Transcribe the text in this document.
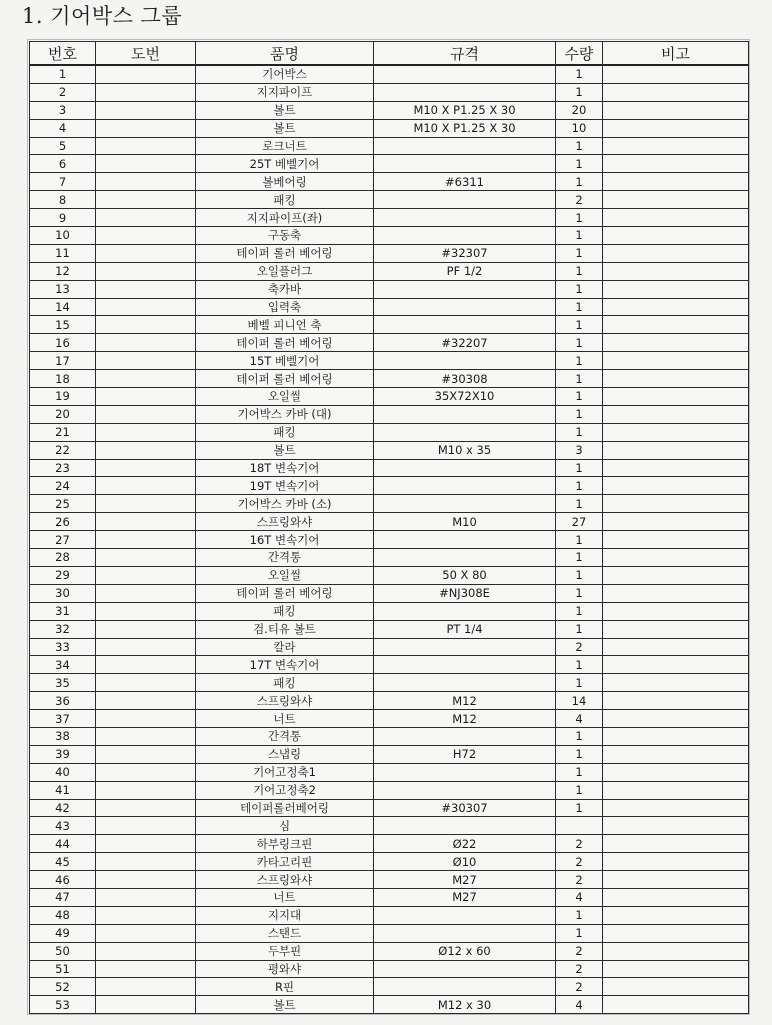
1. 기어박스 그룹
번호	도번	품명	규격	수량	비고
1		기어박스		1	
2		지지파이프		1	
3		볼트	M10 X P1.25 X 30	20	
4		볼트	M10 X P1.25 X 30	10	
5		로크너트		1	
6		25T 베벨기어		1	
7		볼베어링	#6311	1	
8		패킹		2	
9		지지파이프(좌)		1	
10		구동축		1	
11		테이퍼 롤러 베어링	#32307	1	
12		오일플러그	PF 1/2	1	
13		축카바		1	
14		입력축		1	
15		베벨 피니언 축		1	
16		테이퍼 롤러 베어링	#32207	1	
17		15T 베벨기어		1	
18		테이퍼 롤러 베어링	#30308	1	
19		오일씰	35X72X10	1	
20		기어박스 카바 (대)		1	
21		패킹		1	
22		볼트	M10 x 35	3	
23		18T 변속기어		1	
24		19T 변속기어		1	
25		기어박스 카바 (소)		1	
26		스프링와샤	M10	27	
27		16T 변속기어		1	
28		간격통		1	
29		오일씰	50 X 80	1	
30		테이퍼 롤러 베어링	#NJ308E	1	
31		패킹		1	
32		검.티유 볼트	PT 1/4	1	
33		칼라		2	
34		17T 변속기어		1	
35		패킹		1	
36		스프링와샤	M12	14	
37		너트	M12	4	
38		간격통		1	
39		스냅링	H72	1	
40		기어고정축1		1	
41		기어고정축2		1	
42		테이퍼롤러베어링	#30307	1	
43		심			
44		하부링크핀	Ø22	2	
45		카타고리핀	Ø10	2	
46		스프링와샤	M27	2	
47		너트	M27	4	
48		지지대		1	
49		스탠드		1	
50		두부핀	Ø12 x 60	2	
51		평와샤		2	
52		R핀		2	
53		볼트	M12 x 30	4	
